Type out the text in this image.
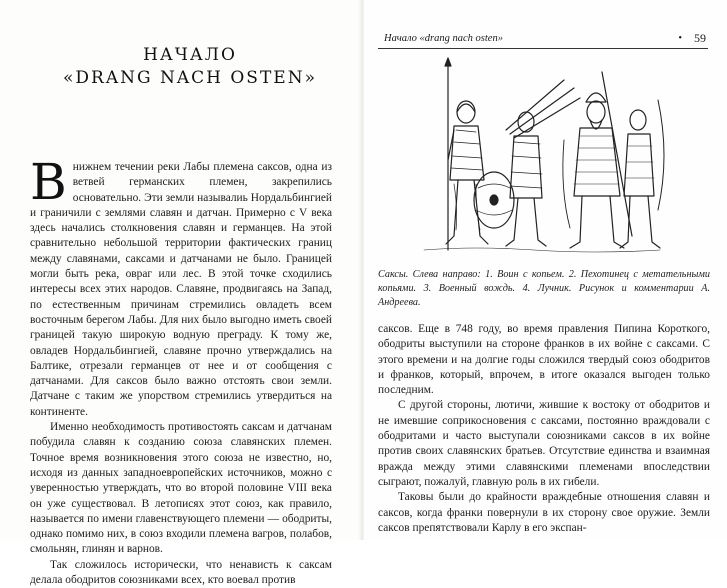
НАЧАЛО
«DRANG NACH OSTEN»

Внижнем течении реки Лабы племена саксов, одна из ветвей германских племен, закрепились основательно. Эти земли называлиь Нордальбингией и граничили с землями славян и датчан. Примерно с V века здесь начались столкновения славян и германцев. На этой сравнительно небольшой территории фактических границ между славянами, саксами и датчанами не было. Границей могли быть река, овраг или лес. В этой точке сходились интересы всех этих народов. Славяне, продвигаясь на Запад, по естественным причинам стремились овладеть всем восточным берегом Лабы. Для них было выгодно иметь своей границей такую широкую водную преграду. К тому же, овладев Нордальбингией, славяне прочно утверждались на Балтике, отрезали германцев от нее и от сообщения с датчанами. Для саксов было важно отстоять свои земли. Датчане с таким же упорством стремились утвердиться на континенте.

Именно необходимость противостоять саксам и датчанам побудила славян к созданию союза славянских племен. Точное время возникновения этого союза не известно, но, исходя из данных западноевропейских источников, можно с уверенностью утверждать, что во второй половине VIII века он уже существовал. В летописях этот союз, как правило, называется по имени главенствующего племени — ободриты, однако помимо них, в союз входили племена вагров, полабов, смольнян, глинян и варнов.

Так сложилось исторически, что ненависть к саксам делала ободритов союзниками всех, кто воевал против

Начало «drang nach osten»	• 59
Саксы. Слева направо: 1. Воин с копьем. 2. Пехотинец с метательными копьями. 3. Военный вождь. 4. Лучник. Рисунок и комментарии А. Андреева.

саксов. Еще в 748 году, во время правления Пипина Короткого, ободриты выступили на стороне франков в их войне с саксами. С этого времени и на долгие годы сложился твердый союз ободритов и франков, который, впрочем, в итоге оказался выгоден только последним.

С другой стороны, лютичи, жившие к востоку от ободритов и не имевшие соприкосновения с саксами, постоянно враждовали с ободритами и часто выступали союзниками саксов в их войне против своих славянских братьев. Отсутствие единства и взаимная вражда между этими славянскими племенами впоследствии сыграют, пожалуй, главную роль в их гибели.

Таковы были до крайности враждебные отношения славян и саксов, когда франки повернули в их сторону свое оружие. Земли саксов препятствовали Карлу в его экспан-
